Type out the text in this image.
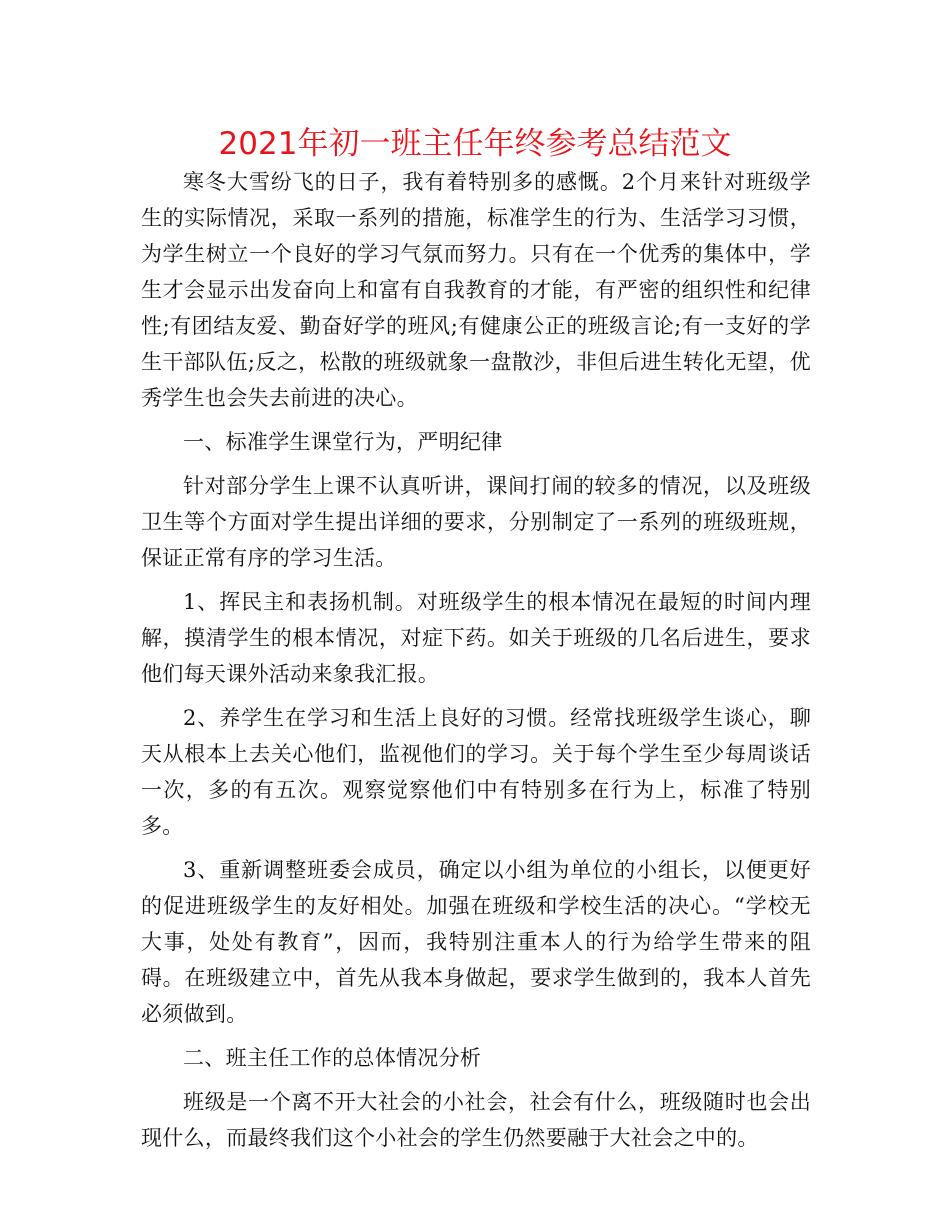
2021年初一班主任年终参考总结范文

寒冬大雪纷飞的日子，我有着特别多的感慨。2个月来针对班级学生的实际情况，采取一系列的措施，标准学生的行为、生活学习习惯，为学生树立一个良好的学习气氛而努力。只有在一个优秀的集体中，学生才会显示出发奋向上和富有自我教育的才能，有严密的组织性和纪律性;有团结友爱、勤奋好学的班风;有健康公正的班级言论;有一支好的学生干部队伍;反之，松散的班级就象一盘散沙，非但后进生转化无望，优秀学生也会失去前进的决心。

一、标准学生课堂行为，严明纪律

针对部分学生上课不认真听讲，课间打闹的较多的情况，以及班级卫生等个方面对学生提出详细的要求，分别制定了一系列的班级班规，保证正常有序的学习生活。

1、挥民主和表扬机制。对班级学生的根本情况在最短的时间内理解，摸清学生的根本情况，对症下药。如关于班级的几名后进生，要求他们每天课外活动来象我汇报。

2、养学生在学习和生活上良好的习惯。经常找班级学生谈心，聊天从根本上去关心他们，监视他们的学习。关于每个学生至少每周谈话一次，多的有五次。观察觉察他们中有特别多在行为上，标准了特别多。

3、重新调整班委会成员，确定以小组为单位的小组长，以便更好的促进班级学生的友好相处。加强在班级和学校生活的决心。“学校无大事，处处有教育”，因而，我特别注重本人的行为给学生带来的阻碍。在班级建立中，首先从我本身做起，要求学生做到的，我本人首先必须做到。

二、班主任工作的总体情况分析

班级是一个离不开大社会的小社会，社会有什么，班级随时也会出现什么，而最终我们这个小社会的学生仍然要融于大社会之中的。
